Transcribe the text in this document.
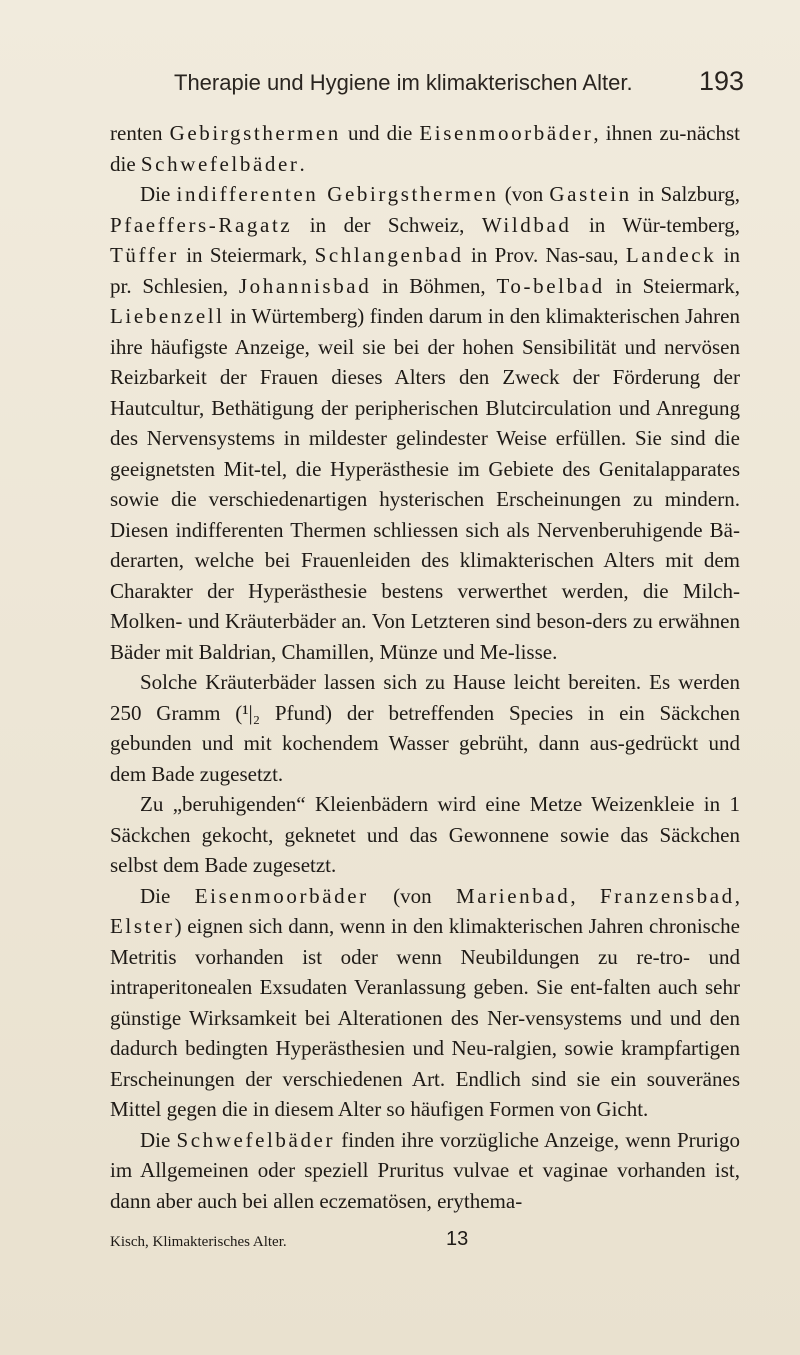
Therapie und Hygiene im klimakterischen Alter. 193

renten Gebirgsthermen und die Eisenmoorbäder, ihnen zu-nächst die Schwefelbäder.

Die indifferenten Gebirgsthermen (von Gastein in Salzburg, Pfaeffers-Ragatz in der Schweiz, Wildbad in Wür-temberg, Tüffer in Steiermark, Schlangenbad in Prov. Nas-sau, Landeck in pr. Schlesien, Johannisbad in Böhmen, To-belbad in Steiermark, Liebenzell in Würtemberg) finden darum in den klimakterischen Jahren ihre häufigste Anzeige, weil sie bei der hohen Sensibilität und nervösen Reizbarkeit der Frauen dieses Alters den Zweck der Förderung der Hautcultur, Bethätigung der peripherischen Blutcirculation und Anregung des Nervensystems in mildester gelindester Weise erfüllen. Sie sind die geeignetsten Mit-tel, die Hyperästhesie im Gebiete des Genitalapparates sowie die verschiedenartigen hysterischen Erscheinungen zu mindern. Diesen indifferenten Thermen schliessen sich als Nervenberuhigende Bä-derarten, welche bei Frauenleiden des klimakterischen Alters mit dem Charakter der Hyperästhesie bestens verwerthet werden, die Milch-Molken- und Kräuterbäder an. Von Letzteren sind beson-ders zu erwähnen Bäder mit Baldrian, Chamillen, Münze und Me-lisse.

Solche Kräuterbäder lassen sich zu Hause leicht bereiten. Es werden 250 Gramm (¹|₂ Pfund) der betreffenden Species in ein Säckchen gebunden und mit kochendem Wasser gebrüht, dann aus-gedrückt und dem Bade zugesetzt.

Zu „beruhigenden“ Kleienbädern wird eine Metze Weizenkleie in 1 Säckchen gekocht, geknetet und das Gewonnene sowie das Säckchen selbst dem Bade zugesetzt.

Die Eisenmoorbäder (von Marienbad, Franzensbad, Elster) eignen sich dann, wenn in den klimakterischen Jahren chronische Metritis vorhanden ist oder wenn Neubildungen zu re-tro- und intraperitonealen Exsudaten Veranlassung geben. Sie ent-falten auch sehr günstige Wirksamkeit bei Alterationen des Ner-vensystems und und den dadurch bedingten Hyperästhesien und Neu-ralgien, sowie krampfartigen Erscheinungen der verschiedenen Art. Endlich sind sie ein souveränes Mittel gegen die in diesem Alter so häufigen Formen von Gicht.

Die Schwefelbäder finden ihre vorzügliche Anzeige, wenn Prurigo im Allgemeinen oder speziell Pruritus vulvae et vaginae vorhanden ist, dann aber auch bei allen eczematösen, erythema-

Kisch, Klimakterisches Alter.	13
